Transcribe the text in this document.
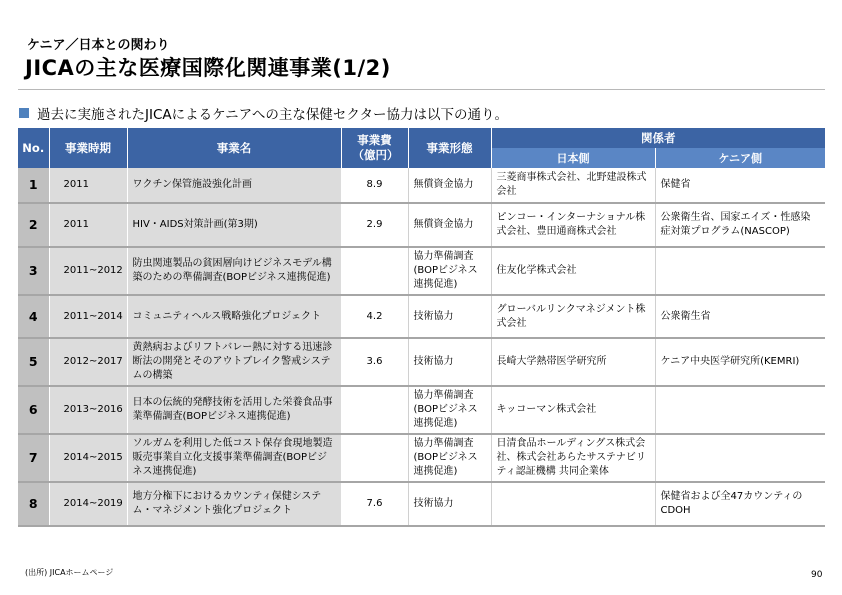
ケニア／日本との関わり
JICAの主な医療国際化関連事業(1/2)
過去に実施されたJICAによるケニアへの主な保健セクター協力は以下の通り。
No.	事業時期	事業名	事業費（億円）	事業形態	関係者	
					日本側	ケニア側
1	2011	ワクチン保管施設強化計画	8.9	無償資金協力	三菱商事株式会社、北野建設株式会社	保健省
2	2011	HIV・AIDS対策計画(第3期)	2.9	無償資金協力	ピンコー・インターナショナル株式会社、豊田通商株式会社	公衆衛生省、国家エイズ・性感染症対策プログラム(NASCOP)
3	2011~2012	防虫関連製品の貧困層向けビジネスモデル構築のための準備調査(BOPビジネス連携促進)		協力準備調査(BOPビジネス連携促進)	住友化学株式会社	
4	2011~2014	コミュニティヘルス戦略強化プロジェクト	4.2	技術協力	グローバルリンクマネジメント株式会社	公衆衛生省
5	2012~2017	黄熱病およびリフトバレー熱に対する迅速診断法の開発とそのアウトブレイク警戒システムの構築	3.6	技術協力	長崎大学熱帯医学研究所	ケニア中央医学研究所(KEMRI)
6	2013~2016	日本の伝統的発酵技術を活用した栄養食品事業準備調査(BOPビジネス連携促進)		協力準備調査(BOPビジネス連携促進)	キッコーマン株式会社	
7	2014~2015	ソルガムを利用した低コスト保存食現地製造販売事業自立化支援事業準備調査(BOPビジネス連携促進)		協力準備調査(BOPビジネス連携促進)	日清食品ホールディングス株式会社、株式会社あらたサステナビリティ認証機構 共同企業体	
8	2014~2019	地方分権下におけるカウンティ保健システム・マネジメント強化プロジェクト	7.6	技術協力		保健省および全47カウンティのCDOH
(出所) JICAホームページ	90
